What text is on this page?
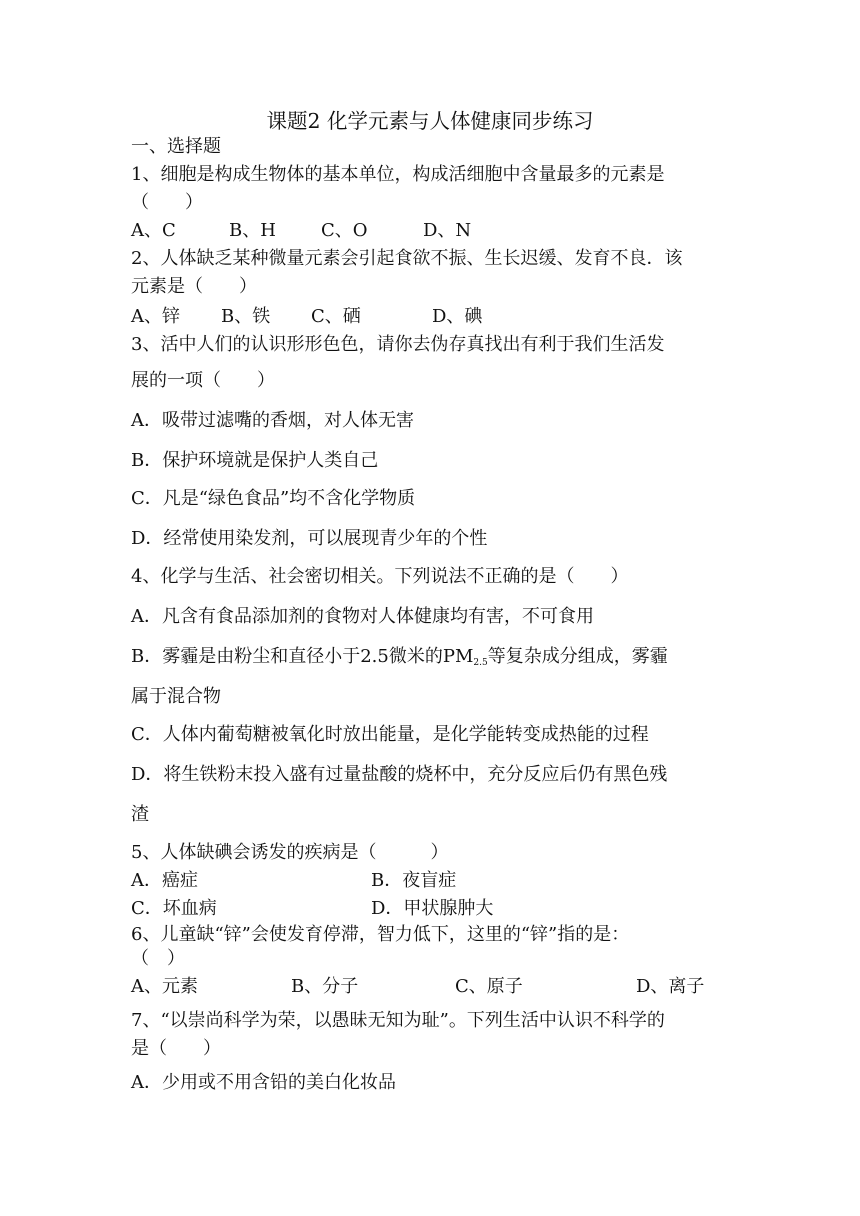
课题2 化学元素与人体健康同步练习
一、选择题
1、细胞是构成生物体的基本单位，构成活细胞中含量最多的元素是
（　　）
A、C	B、H	C、O	D、N
2、人体缺乏某种微量元素会引起食欲不振、生长迟缓、发育不良．该
元素是（　　）
A、锌 B、铁 C、硒	D、碘
3、活中人们的认识形形色色，请你去伪存真找出有利于我们生活发
展的一项（　　）
A．吸带过滤嘴的香烟，对人体无害
B．保护环境就是保护人类自己
C．凡是“绿色食品”均不含化学物质
D．经常使用染发剂，可以展现青少年的个性
4、化学与生活、社会密切相关。下列说法不正确的是（　　）
A．凡含有食品添加剂的食物对人体健康均有害，不可食用
B．雾霾是由粉尘和直径小于2.5微米的$PM_{2.5}$等复杂成分组成，雾霾
属于混合物
C．人体内葡萄糖被氧化时放出能量，是化学能转变成热能的过程
D．将生铁粉末投入盛有过量盐酸的烧杯中，充分反应后仍有黑色残
渣
5、人体缺碘会诱发的疾病是（　　　）
A．癌症	B．夜盲症
C．坏血病	D．甲状腺肿大
6、儿童缺“锌”会使发育停滞，智力低下，这里的“锌”指的是：
（　）
A、元素	B、分子	C、原子	D、离子
7、“以崇尚科学为荣，以愚昧无知为耻”。下列生活中认识不科学的
是（　　）
A．少用或不用含铅的美白化妆品
